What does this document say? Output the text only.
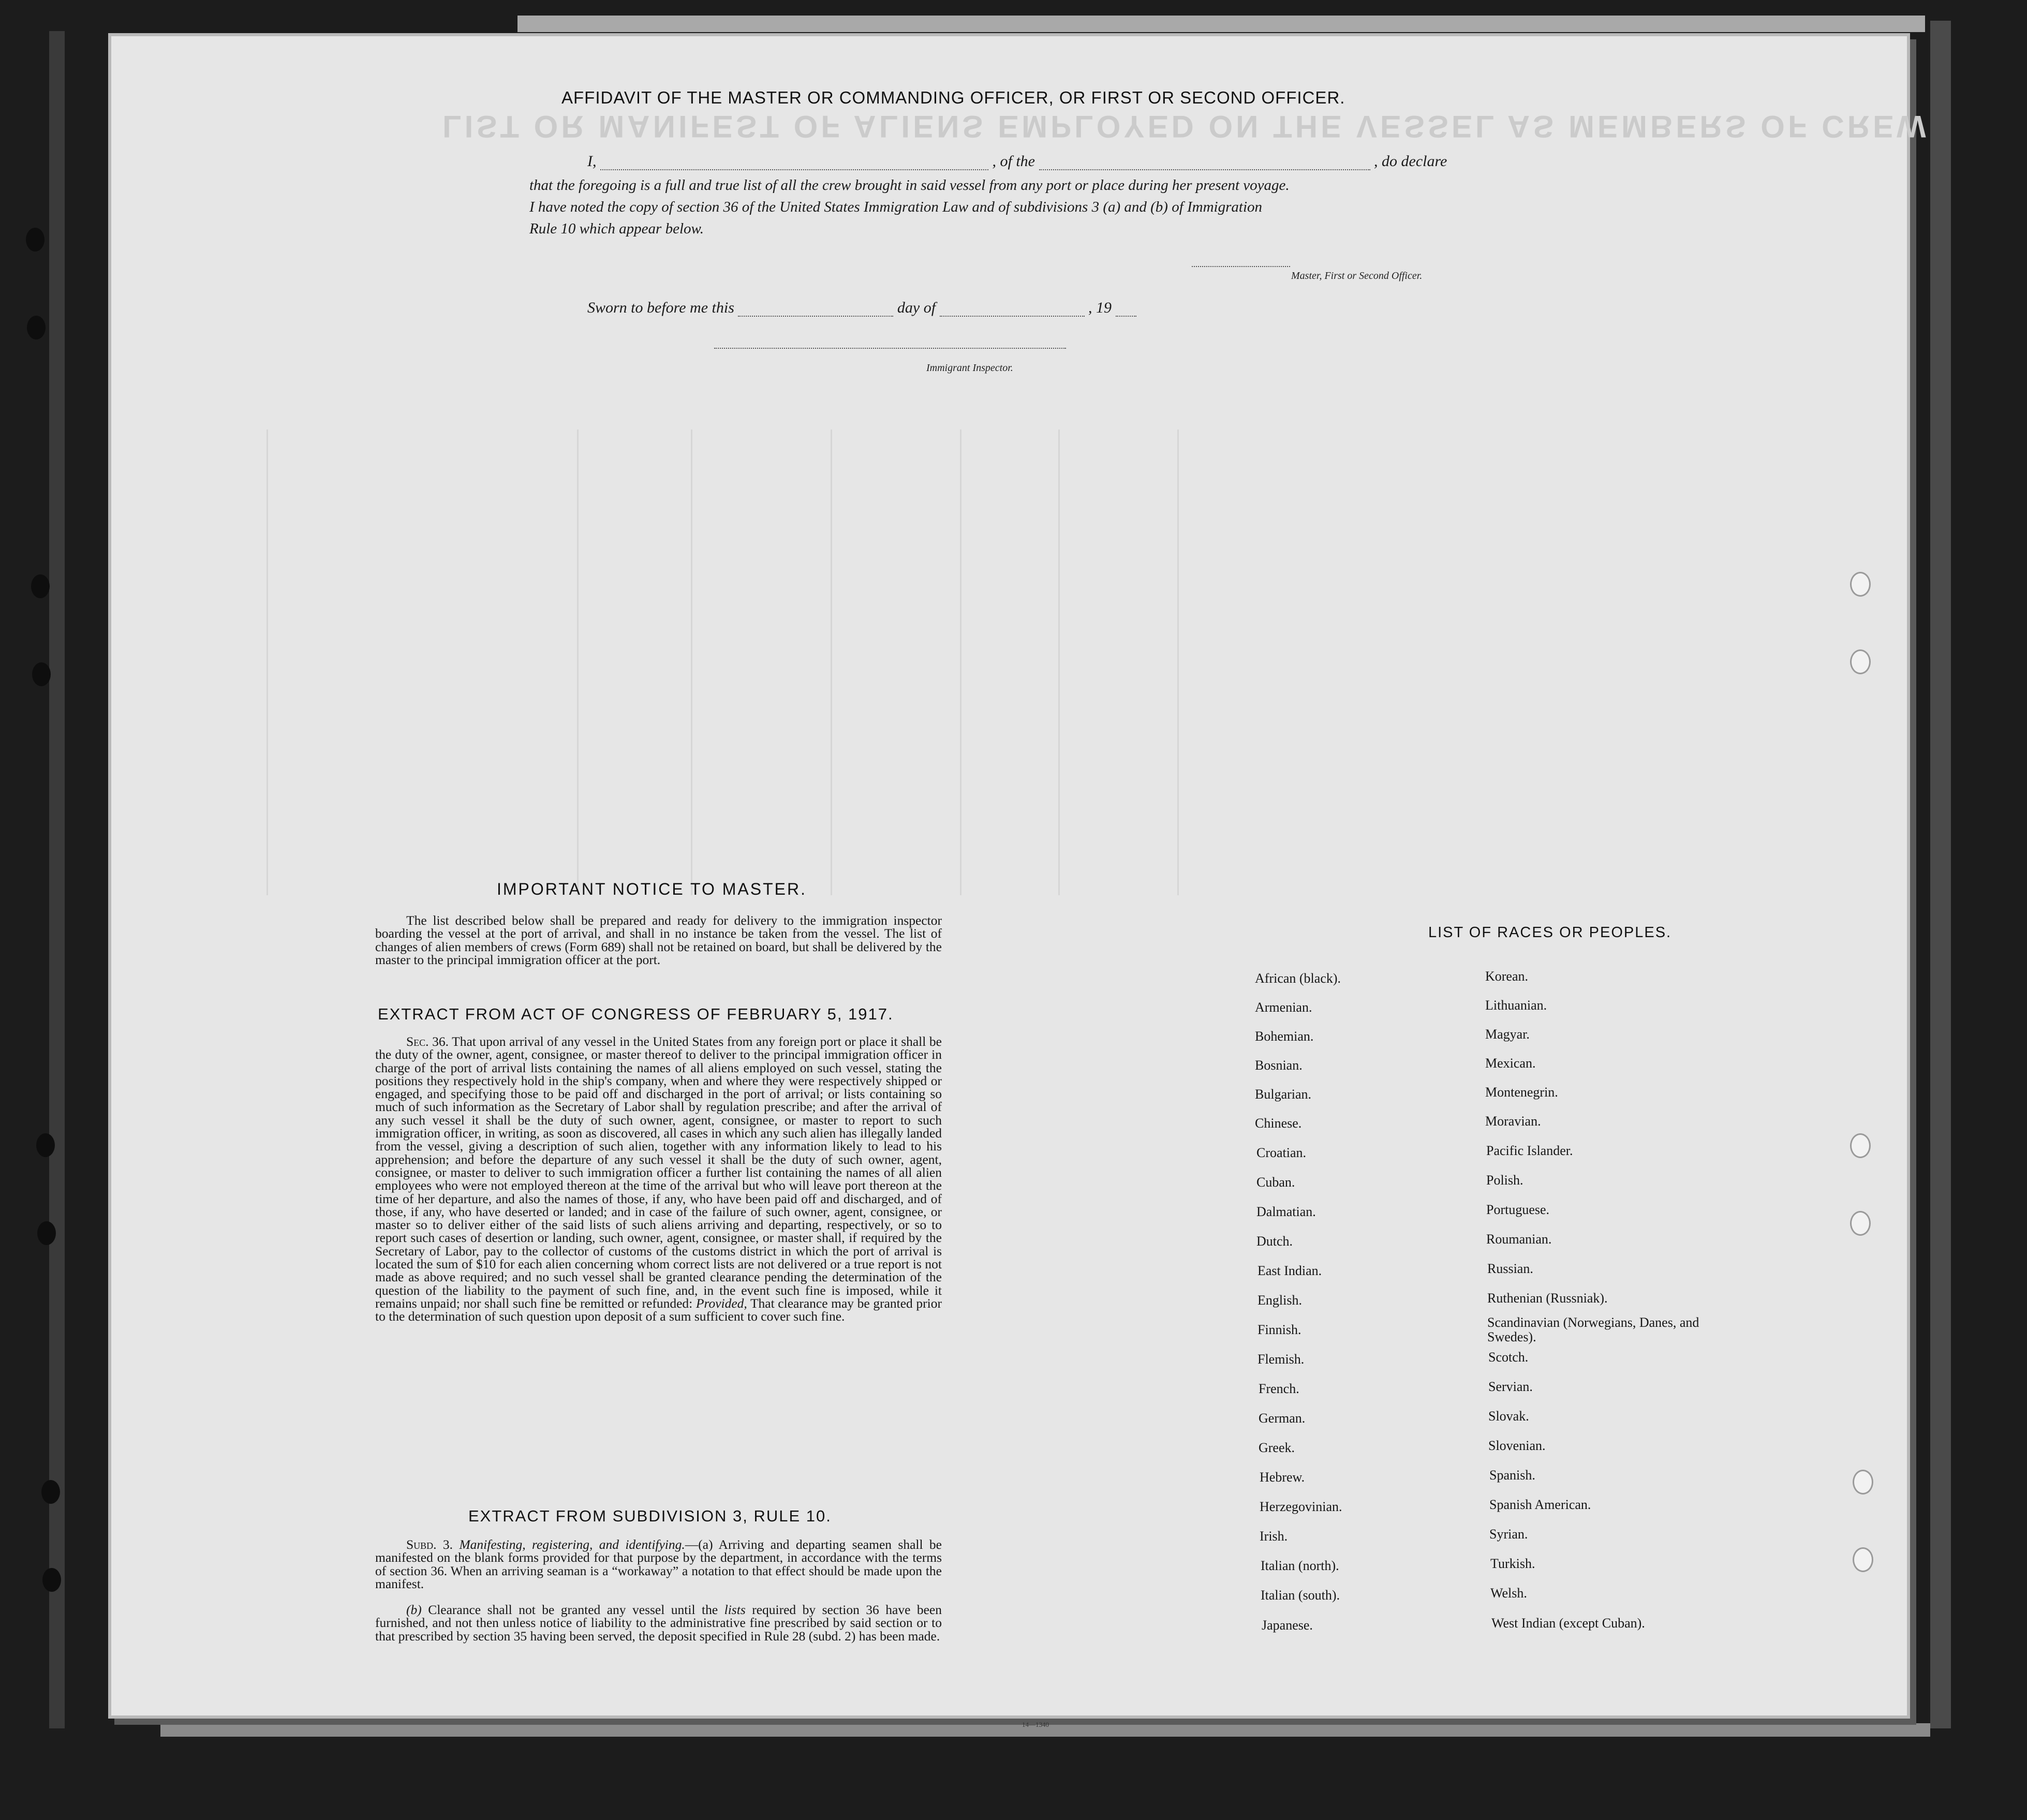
LIST OR MANIFEST OF ALIENS EMPLOYED ON THE VESSEL AS MEMBERS OF CREW
AFFIDAVIT OF THE MASTER OR COMMANDING OFFICER, OR FIRST OR SECOND OFFICER.
I,	, of the	, do declare
that the foregoing is a full and true list of all the crew brought in said vessel from any port or place during her present voyage.
I have noted the copy of section 36 of the United States Immigration Law and of subdivisions 3 (a) and (b) of Immigration
Rule 10 which appear below.
Master, First or Second Officer.
Sworn to before me this	day of	, 19
Immigrant Inspector.
IMPORTANT NOTICE TO MASTER.
The list described below shall be prepared and ready for delivery to the immigration inspector boarding the vessel at the port of arrival, and shall in no instance be taken from the vessel. The list of changes of alien members of crews (Form 689) shall not be retained on board, but shall be delivered by the master to the principal immigration officer at the port.
EXTRACT FROM ACT OF CONGRESS OF FEBRUARY 5, 1917.
Sec. 36. That upon arrival of any vessel in the United States from any foreign port or place it shall be the duty of the owner, agent, consignee, or master thereof to deliver to the principal immigration officer in charge of the port of arrival lists containing the names of all aliens employed on such vessel, stating the positions they respectively hold in the ship's company, when and where they were respectively shipped or engaged, and specifying those to be paid off and discharged in the port of arrival; or lists containing so much of such information as the Secretary of Labor shall by regulation prescribe; and after the arrival of any such vessel it shall be the duty of such owner, agent, consignee, or master to report to such immigration officer, in writing, as soon as discovered, all cases in which any such alien has illegally landed from the vessel, giving a description of such alien, together with any information likely to lead to his apprehension; and before the departure of any such vessel it shall be the duty of such owner, agent, consignee, or master to deliver to such immigration officer a further list containing the names of all alien employees who were not employed thereon at the time of the arrival but who will leave port thereon at the time of her departure, and also the names of those, if any, who have been paid off and discharged, and of those, if any, who have deserted or landed; and in case of the failure of such owner, agent, consignee, or master so to deliver either of the said lists of such aliens arriving and departing, respectively, or so to report such cases of desertion or landing, such owner, agent, consignee, or master shall, if required by the Secretary of Labor, pay to the collector of customs of the customs district in which the port of arrival is located the sum of $10 for each alien concerning whom correct lists are not delivered or a true report is not made as above required; and no such vessel shall be granted clearance pending the determination of the question of the liability to the payment of such fine, and, in the event such fine is imposed, while it remains unpaid; nor shall such fine be remitted or refunded: Provided, That clearance may be granted prior to the determination of such question upon deposit of a sum sufficient to cover such fine.
EXTRACT FROM SUBDIVISION 3, RULE 10.
Subd. 3. Manifesting, registering, and identifying.—(a) Arriving and departing seamen shall be manifested on the blank forms provided for that purpose by the department, in accordance with the terms of section 36. When an arriving seaman is a “workaway” a notation to that effect should be made upon the manifest.
(b) Clearance shall not be granted any vessel until the lists required by section 36 have been furnished, and not then unless notice of liability to the administrative fine prescribed by said section or to that prescribed by section 35 having been served, the deposit specified in Rule 28 (subd. 2) has been made.
14—1340
LIST OF RACES OR PEOPLES.
African (black).
Armenian.
Bohemian.
Bosnian.
Bulgarian.
Chinese.
Croatian.
Cuban.
Dalmatian.
Dutch.
East Indian.
English.
Finnish.
Flemish.
French.
German.
Greek.
Hebrew.
Herzegovinian.
Irish.
Italian (north).
Italian (south).
Japanese.
Korean.
Lithuanian.
Magyar.
Mexican.
Montenegrin.
Moravian.
Pacific Islander.
Polish.
Portuguese.
Roumanian.
Russian.
Ruthenian (Russniak).
Scandinavian (Norwegians, Danes, and Swedes).
Scotch.
Servian.
Slovak.
Slovenian.
Spanish.
Spanish American.
Syrian.
Turkish.
Welsh.
West Indian (except Cuban).
